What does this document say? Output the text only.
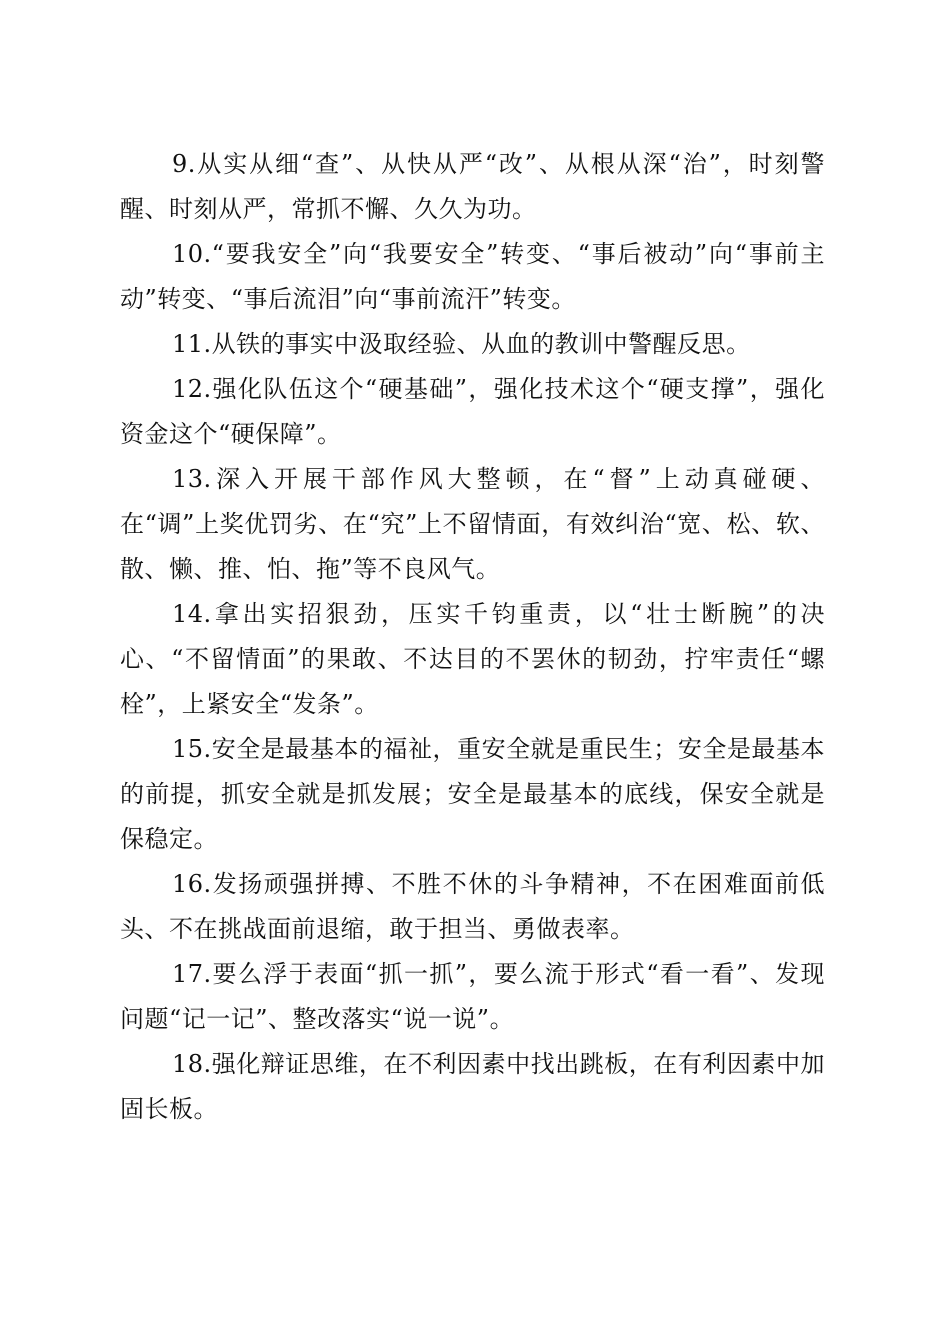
9.从实从细“查”、从快从严“改”、从根从深“治”，时刻警醒、时刻从严，常抓不懈、久久为功。

10.“要我安全”向“我要安全”转变、“事后被动”向“事前主动”转变、“事后流泪”向“事前流汗”转变。

11.从铁的事实中汲取经验、从血的教训中警醒反思。

12.强化队伍这个“硬基础”，强化技术这个“硬支撑”，强化资金这个“硬保障”。

13.深入开展干部作风大整顿，在“督”上动真碰硬、在“调”上奖优罚劣、在“究”上不留情面，有效纠治“宽、松、软、散、懒、推、怕、拖”等不良风气。

14.拿出实招狠劲，压实千钧重责，以“壮士断腕”的决心、“不留情面”的果敢、不达目的不罢休的韧劲，拧牢责任“螺栓”，上紧安全“发条”。

15.安全是最基本的福祉，重安全就是重民生；安全是最基本的前提，抓安全就是抓发展；安全是最基本的底线，保安全就是保稳定。

16.发扬顽强拼搏、不胜不休的斗争精神，不在困难面前低头、不在挑战面前退缩，敢于担当、勇做表率。

17.要么浮于表面“抓一抓”，要么流于形式“看一看”、发现问题“记一记”、整改落实“说一说”。

18.强化辩证思维，在不利因素中找出跳板，在有利因素中加固长板。
